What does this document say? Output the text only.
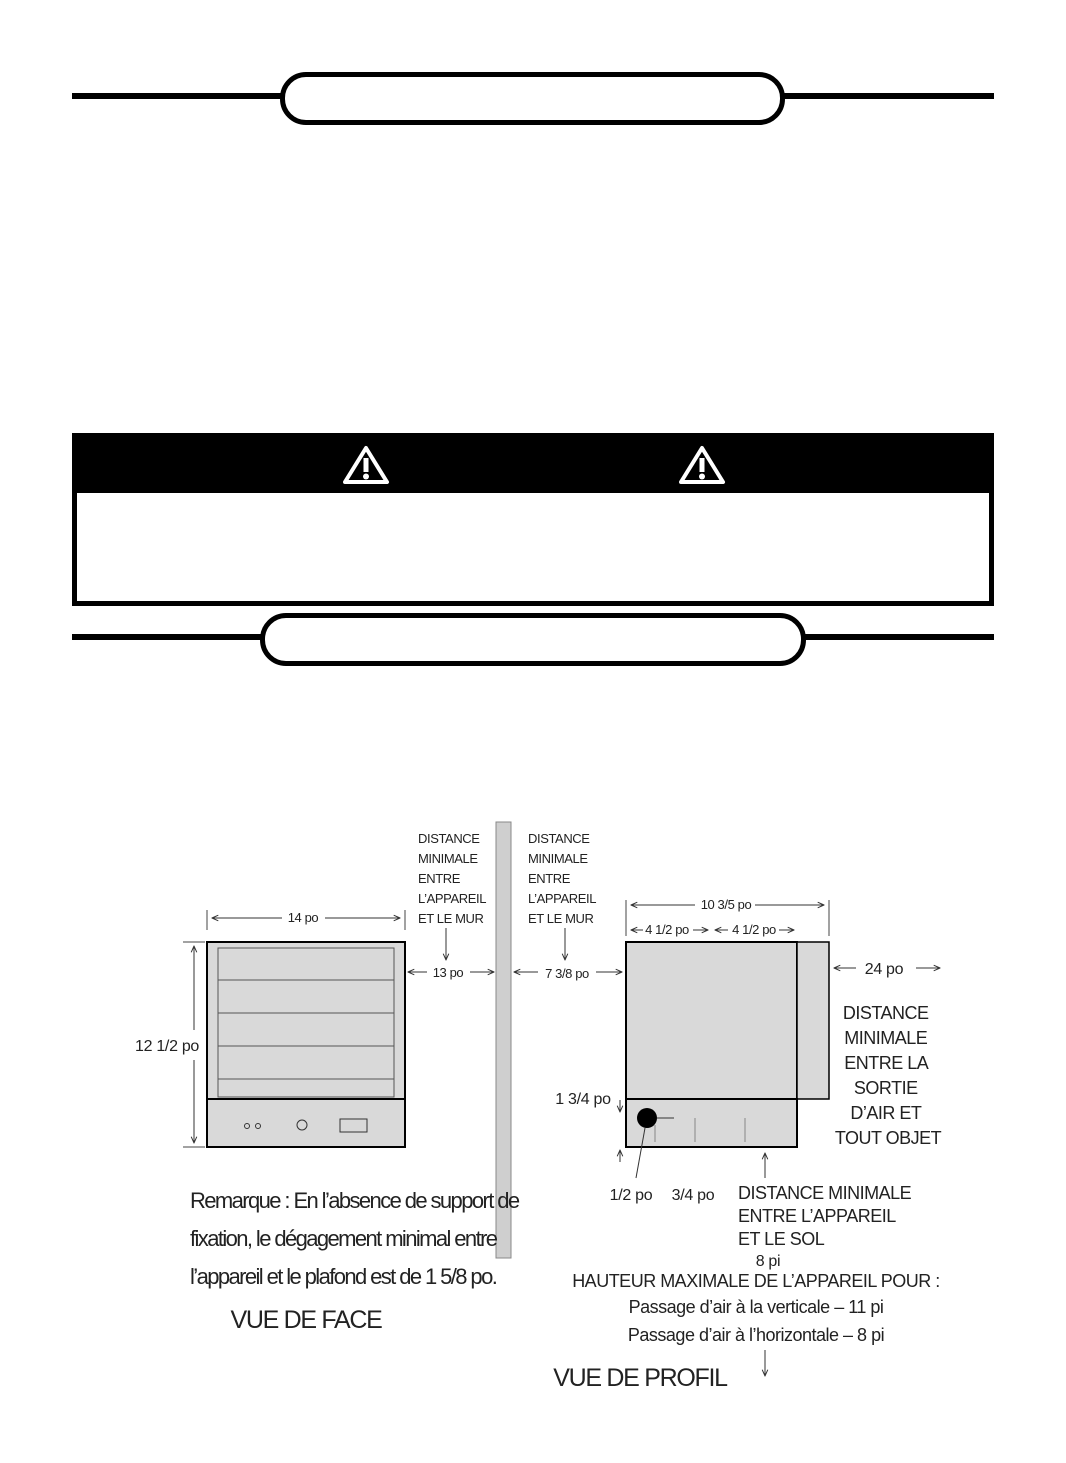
14 po
12 1/2 po
DISTANCE MINIMALE ENTRE L’APPAREIL ET LE MUR
DISTANCE MINIMALE ENTRE L’APPAREIL ET LE MUR
13 po	7 3/8 po
10 3/5 po
4 1/2 po	4 1/2 po
24 po
DISTANCE MINIMALE ENTRE LA SORTIE D’AIR ET TOUT OBJET
1 3/4 po
1/2 po 3/4 po DISTANCE MINIMALE ENTRE L’APPAREIL ET LE SOL
8 pi
HAUTEUR MAXIMALE DE L’APPAREIL POUR :
Passage d’air à la verticale – 11 pi
Passage d’air à l’horizontale – 8 pi
Remarque : En l’absence de support de fixation, le dégagement minimal entre l’appareil et le plafond est de 1 5/8 po.
VUE DE FACE
VUE DE PROFIL
